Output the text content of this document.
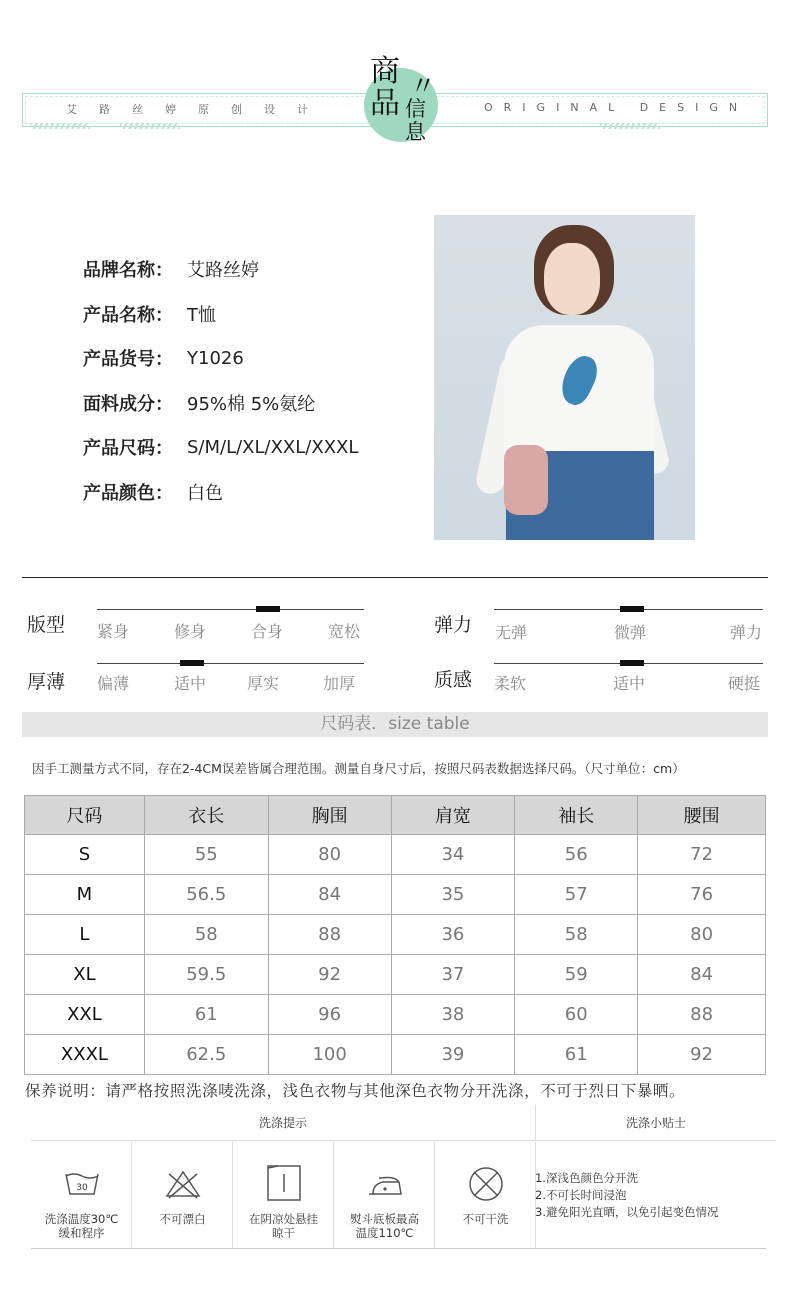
艾路丝婷原创设计	ORIGINAL DESIGN
商品 〃
信息
品牌名称： 艾路丝婷
产品名称： T恤
产品货号： Y1026
面料成分： 95%棉 5%氨纶
产品尺码： S/M/L/XL/XXL/XXXL
产品颜色： 白色
版型 紧身	修身	合身	宽松	弹力 无弹	微弹	弹力
厚薄 偏薄	适中	厚实	加厚	质感 柔软	适中	硬挺
尺码表．size table
因手工测量方式不同，存在2-4CM误差皆属合理范围。测量自身尺寸后，按照尺码表数据选择尺码。（尺寸单位：cm）
尺码	衣长	胸围	肩宽	袖长	腰围
S	55	80	34	56	72
M	56.5	84	35	57	76
L	58	88	36	58	80
XL	59.5	92	37	59	84
XXL	61	96	38	60	88
XXXL	62.5	100	39	61	92
保养说明：请严格按照洗涤唛洗涤，浅色衣物与其他深色衣物分开洗涤，不可于烈日下暴晒。
洗涤提示	洗涤小贴士
30
洗涤温度30℃
缓和程序
不可漂白	在阴凉处悬挂
晾干
熨斗底板最高
温度110℃
不可干洗
1.深浅色颜色分开洗
2.不可长时间浸泡
3.避免阳光直晒，以免引起变色情况
